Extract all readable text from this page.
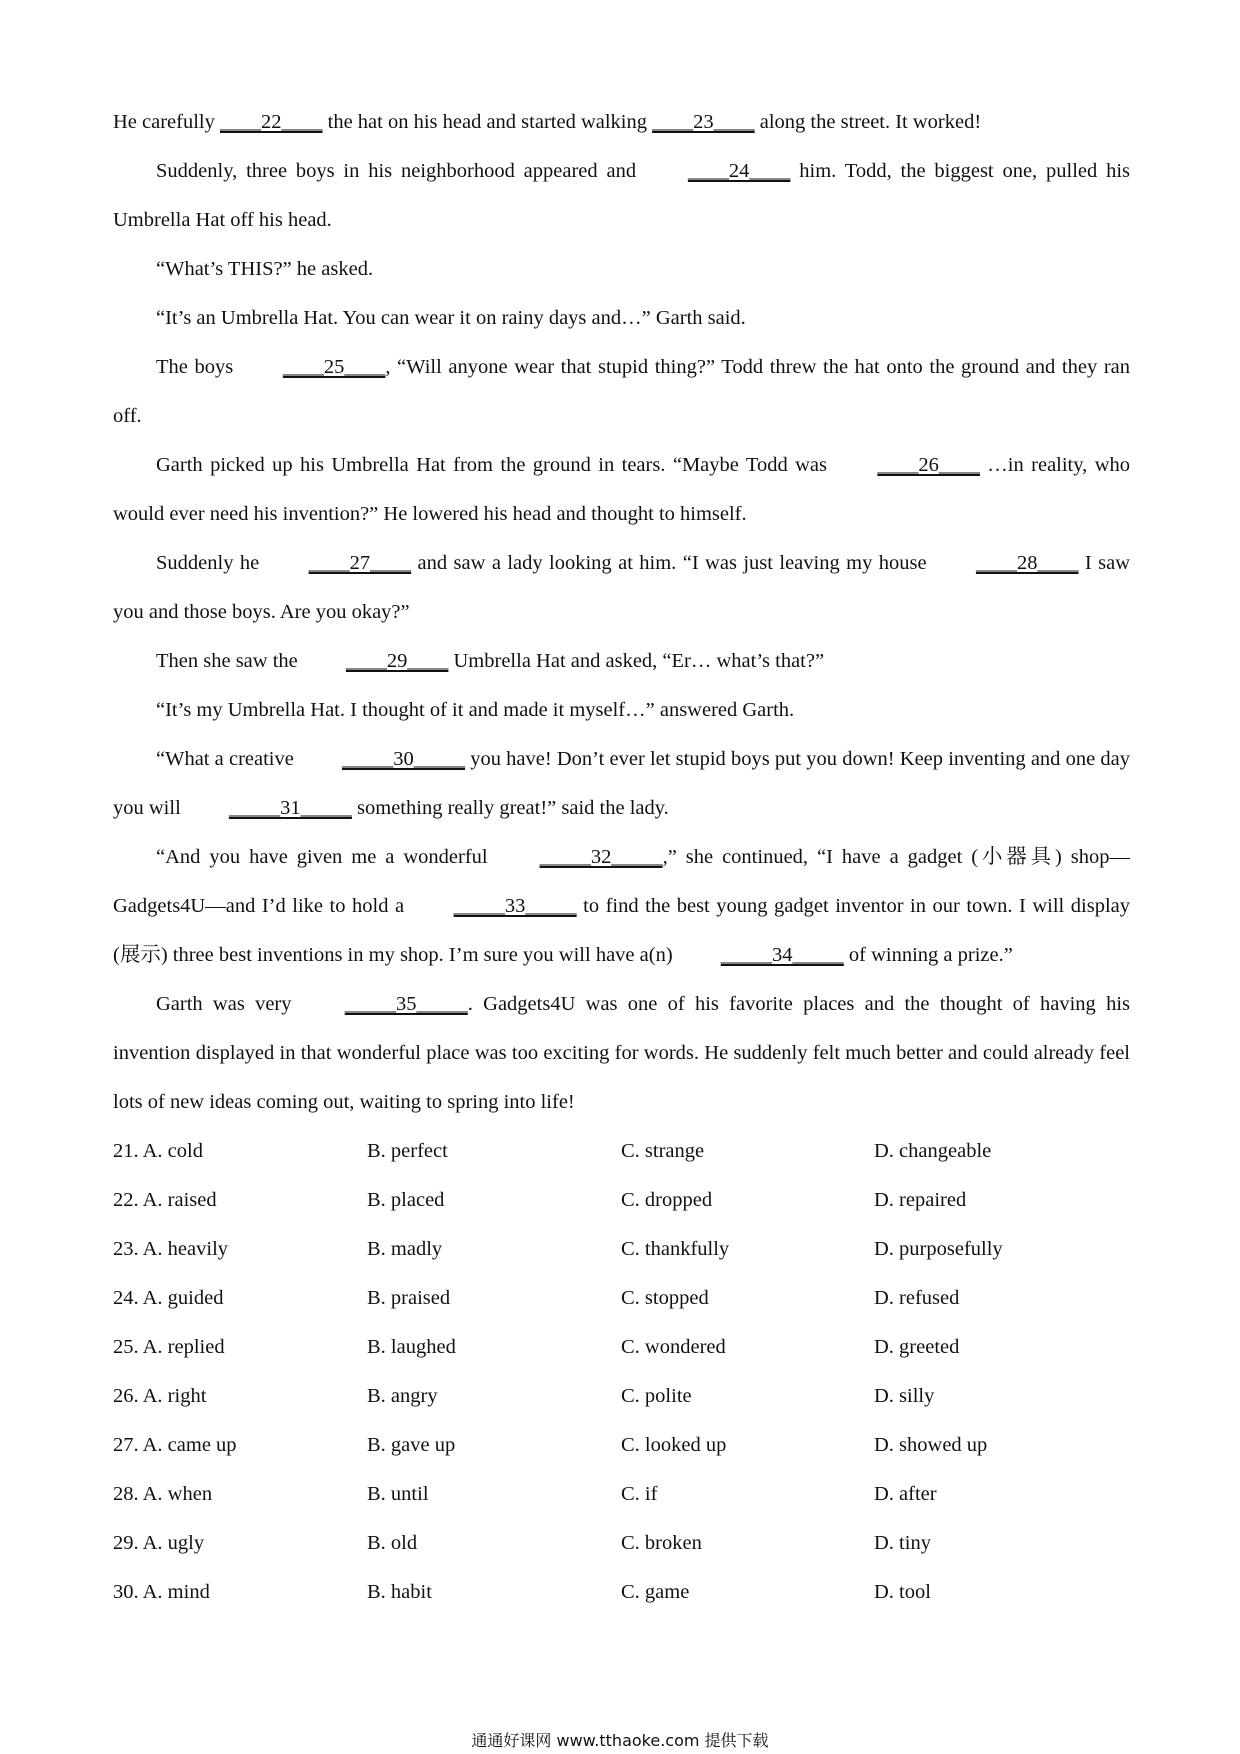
He carefully ____22____ the hat on his head and started walking ____23____ along the street. It worked!

Suddenly, three boys in his neighborhood appeared and ____24____ him. Todd, the biggest one, pulled his Umbrella Hat off his head.

“What’s THIS?” he asked.

“It’s an Umbrella Hat. You can wear it on rainy days and…” Garth said.

The boys ____25____, “Will anyone wear that stupid thing?” Todd threw the hat onto the ground and they ran off.

Garth picked up his Umbrella Hat from the ground in tears. “Maybe Todd was ____26____ …in reality, who would ever need his invention?” He lowered his head and thought to himself.

Suddenly he ____27____ and saw a lady looking at him. “I was just leaving my house ____28____ I saw you and those boys. Are you okay?”

Then she saw the ____29____ Umbrella Hat and asked, “Er… what’s that?”

“It’s my Umbrella Hat. I thought of it and made it myself…” answered Garth.

“What a creative _____30_____ you have! Don’t ever let stupid boys put you down! Keep inventing and one day you will _____31_____ something really great!” said the lady.

“And you have given me a wonderful _____32_____,” she continued, “I have a gadget (小器具) shop—Gadgets4U—and I’d like to hold a _____33_____ to find the best young gadget inventor in our town. I will display (展示) three best inventions in my shop. I’m sure you will have a(n) _____34_____ of winning a prize.”

Garth was very _____35_____. Gadgets4U was one of his favorite places and the thought of having his invention displayed in that wonderful place was too exciting for words. He suddenly felt much better and could already feel lots of new ideas coming out, waiting to spring into life!

21. A. cold	B. perfect	C. strange	D. changeable
22. A. raised	B. placed	C. dropped	D. repaired
23. A. heavily	B. madly	C. thankfully	D. purposefully
24. A. guided	B. praised	C. stopped	D. refused
25. A. replied	B. laughed	C. wondered	D. greeted
26. A. right	B. angry	C. polite	D. silly
27. A. came up	B. gave up	C. looked up	D. showed up
28. A. when	B. until	C. if	D. after
29. A. ugly	B. old	C. broken	D. tiny
30. A. mind	B. habit	C. game	D. tool
通通好课网 www.tthaoke.com 提供下载
